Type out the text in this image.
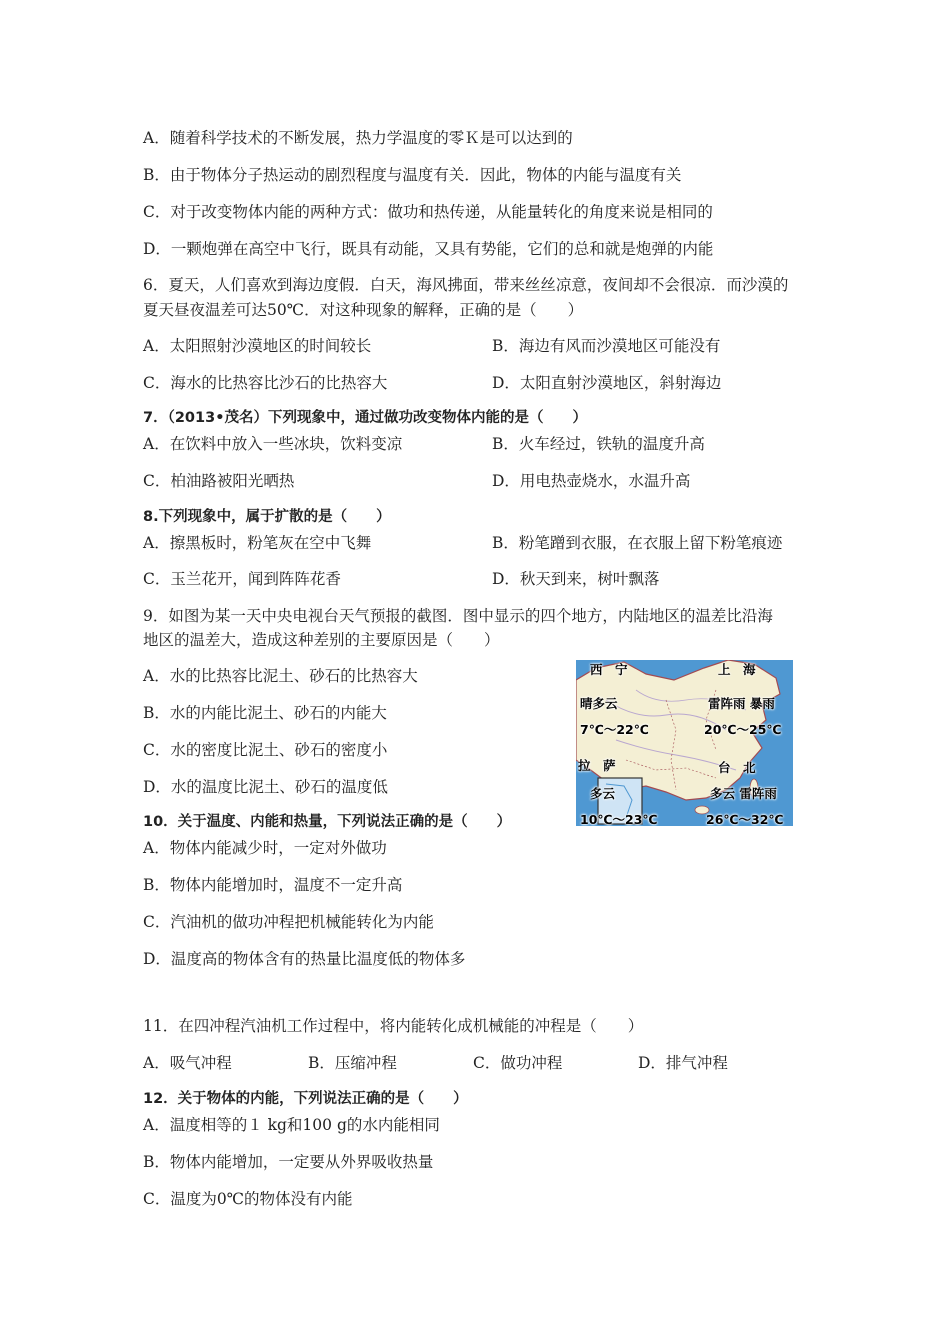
A．随着科学技术的不断发展，热力学温度的零Ｋ是可以达到的
B．由于物体分子热运动的剧烈程度与温度有关．因此，物体的内能与温度有关
C．对于改变物体内能的两种方式：做功和热传递，从能量转化的角度来说是相同的
D．一颗炮弹在高空中飞行，既具有动能，又具有势能，它们的总和就是炮弹的内能
6．夏天，人们喜欢到海边度假．白天，海风拂面，带来丝丝凉意，夜间却不会很凉．而沙漠的
夏天昼夜温差可达50℃．对这种现象的解释，正确的是（　　）
A．太阳照射沙漠地区的时间较长	B．海边有风而沙漠地区可能没有
C．海水的比热容比沙石的比热容大	D．太阳直射沙漠地区，斜射海边
7．（2013•茂名）下列现象中，通过做功改变物体内能的是（　　）
A．在饮料中放入一些冰块，饮料变凉	B．火车经过，铁轨的温度升高
C．柏油路被阳光晒热	D．用电热壶烧水，水温升高
8.下列现象中，属于扩散的是（　　）
A．擦黑板时，粉笔灰在空中飞舞	B．粉笔蹭到衣服，在衣服上留下粉笔痕迹
C．玉兰花开，闻到阵阵花香	D．秋天到来，树叶飘落
9．如图为某一天中央电视台天气预报的截图．图中显示的四个地方，内陆地区的温差比沿海
地区的温差大，造成这种差别的主要原因是（　　）
A．水的比热容比泥土、砂石的比热容大
B．水的内能比泥土、砂石的内能大
C．水的密度比泥土、砂石的密度小
D．水的温度比泥土、砂石的温度低
西　宁
晴多云
7℃～22℃
上　海
雷阵雨 暴雨
20℃～25℃
拉　萨
多云
10℃～23℃
台　北
多云 雷阵雨
26℃～32℃
10．关于温度、内能和热量，下列说法正确的是（　　）
A．物体内能减少时，一定对外做功
B．物体内能增加时，温度不一定升高
C．汽油机的做功冲程把机械能转化为内能
D．温度高的物体含有的热量比温度低的物体多
11．在四冲程汽油机工作过程中，将内能转化成机械能的冲程是（　　）
A．吸气冲程	B．压缩冲程	C．做功冲程	D．排气冲程
12．关于物体的内能，下列说法正确的是（　　）
A．温度相等的１ kg和100 g的水内能相同
B．物体内能增加，一定要从外界吸收热量
C．温度为0℃的物体没有内能
